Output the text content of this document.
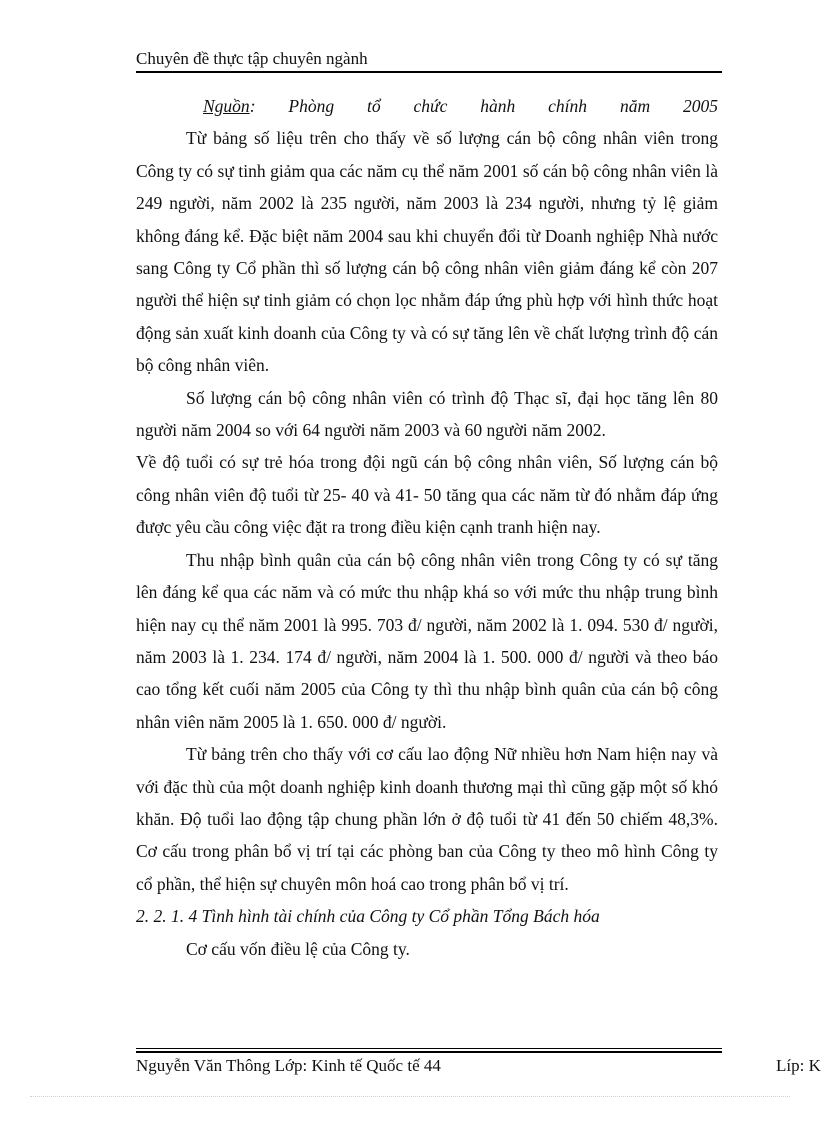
Chuyên đề thực tập chuyên ngành

Nguồn: Phòng tổ chức hành chính năm 2005

Từ bảng số liệu trên cho thấy về số lượng cán bộ công nhân viên trong Công ty có sự tinh giảm qua các năm cụ thể năm 2001 số cán bộ công nhân viên là 249 người, năm 2002 là 235 người, năm 2003 là 234 người, nhưng tỷ lệ giảm không đáng kể. Đặc biệt năm 2004 sau khi chuyển đổi từ Doanh nghiệp Nhà nước sang Công ty Cổ phần thì số lượng cán bộ công nhân viên giảm đáng kể còn 207 người thể hiện sự tinh giảm có chọn lọc nhằm đáp ứng phù hợp với hình thức hoạt động sản xuất kinh doanh của Công ty và có sự tăng lên về chất lượng trình độ cán bộ công nhân viên.

Số lượng cán bộ công nhân viên có trình độ Thạc sĩ, đại học tăng lên 80 người năm 2004 so với 64 người năm 2003 và 60 người năm 2002.

Về độ tuổi có sự trẻ hóa trong đội ngũ cán bộ công nhân viên, Số lượng cán bộ công nhân viên độ tuổi từ 25- 40 và 41- 50 tăng qua các năm từ đó nhằm đáp ứng được yêu cầu công việc đặt ra trong điều kiện cạnh tranh hiện nay.

Thu nhập bình quân của cán bộ công nhân viên trong Công ty có sự tăng lên đáng kể qua các năm và có mức thu nhập khá so với mức thu nhập trung bình hiện nay cụ thể năm 2001 là 995. 703 đ/ người, năm 2002 là 1. 094. 530 đ/ người, năm 2003 là 1. 234. 174 đ/ người, năm 2004 là 1. 500. 000 đ/ người và theo báo cao tổng kết cuối năm 2005 của Công ty thì thu nhập bình quân của cán bộ công nhân viên năm 2005 là 1. 650. 000 đ/ người.

Từ bảng trên cho thấy với cơ cấu lao động Nữ nhiều hơn Nam hiện nay và với đặc thù của một doanh nghiệp kinh doanh thương mại thì cũng gặp một số khó khăn. Độ tuổi lao động tập chung phần lớn ở độ tuổi từ 41 đến 50 chiếm 48,3%. Cơ cấu trong phân bổ vị trí tại các phòng ban của Công ty theo mô hình Công ty cổ phần, thể hiện sự chuyên môn hoá cao trong phân bổ vị trí.

2. 2. 1. 4 Tình hình tài chính của Công ty Cổ phần Tổng Bách hóa

Cơ cấu vốn điều lệ của Công ty.

Nguyễn Văn Thông Lớp: Kinh tế Quốc tế 44	Líp: K
